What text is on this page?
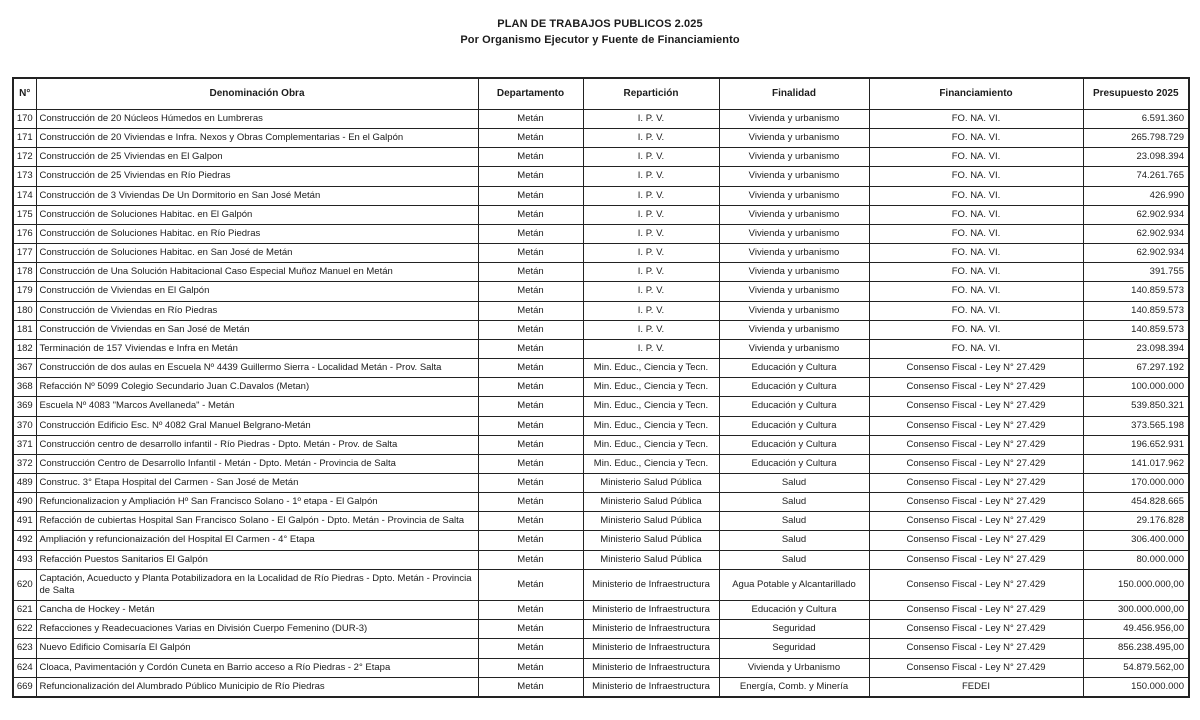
PLAN DE TRABAJOS PUBLICOS 2.025
Por Organismo Ejecutor y Fuente de Financiamiento
N°	Denominación Obra	Departamento	Repartición	Finalidad	Financiamiento	Presupuesto 2025
170	Construcción de 20 Núcleos Húmedos en Lumbreras	Metán	I. P. V.	Vivienda y urbanismo	FO. NA. VI.	6.591.360
171	Construcción de 20 Viviendas e Infra. Nexos y Obras Complementarias - En el Galpón	Metán	I. P. V.	Vivienda y urbanismo	FO. NA. VI.	265.798.729
172	Construcción de 25 Viviendas en El Galpon	Metán	I. P. V.	Vivienda y urbanismo	FO. NA. VI.	23.098.394
173	Construcción de 25 Viviendas en Río Piedras	Metán	I. P. V.	Vivienda y urbanismo	FO. NA. VI.	74.261.765
174	Construcción de 3 Viviendas De Un Dormitorio en San José Metán	Metán	I. P. V.	Vivienda y urbanismo	FO. NA. VI.	426.990
175	Construcción de Soluciones Habitac. en El Galpón	Metán	I. P. V.	Vivienda y urbanismo	FO. NA. VI.	62.902.934
176	Construcción de Soluciones Habitac. en Río Piedras	Metán	I. P. V.	Vivienda y urbanismo	FO. NA. VI.	62.902.934
177	Construcción de Soluciones Habitac. en San José de Metán	Metán	I. P. V.	Vivienda y urbanismo	FO. NA. VI.	62.902.934
178	Construcción de Una Solución Habitacional Caso Especial Muñoz Manuel en Metán	Metán	I. P. V.	Vivienda y urbanismo	FO. NA. VI.	391.755
179	Construcción de Viviendas en El Galpón	Metán	I. P. V.	Vivienda y urbanismo	FO. NA. VI.	140.859.573
180	Construcción de Viviendas en Río Piedras	Metán	I. P. V.	Vivienda y urbanismo	FO. NA. VI.	140.859.573
181	Construcción de Viviendas en San José de Metán	Metán	I. P. V.	Vivienda y urbanismo	FO. NA. VI.	140.859.573
182	Terminación de 157 Viviendas e Infra en Metán	Metán	I. P. V.	Vivienda y urbanismo	FO. NA. VI.	23.098.394
367	Construcción de dos aulas en Escuela Nº 4439 Guillermo Sierra - Localidad Metán - Prov. Salta	Metán	Min. Educ., Ciencia y Tecn.	Educación y Cultura	Consenso Fiscal - Ley N° 27.429	67.297.192
368	Refacción Nº 5099 Colegio Secundario Juan C.Davalos (Metan)	Metán	Min. Educ., Ciencia y Tecn.	Educación y Cultura	Consenso Fiscal - Ley N° 27.429	100.000.000
369	Escuela Nº 4083 "Marcos Avellaneda" - Metán	Metán	Min. Educ., Ciencia y Tecn.	Educación y Cultura	Consenso Fiscal - Ley N° 27.429	539.850.321
370	Construcción Edificio Esc. Nº 4082 Gral Manuel Belgrano-Metán	Metán	Min. Educ., Ciencia y Tecn.	Educación y Cultura	Consenso Fiscal - Ley N° 27.429	373.565.198
371	Construcción centro de desarrollo infantil - Río Piedras - Dpto. Metán - Prov. de Salta	Metán	Min. Educ., Ciencia y Tecn.	Educación y Cultura	Consenso Fiscal - Ley N° 27.429	196.652.931
372	Construcción Centro de Desarrollo Infantil - Metán - Dpto. Metán - Provincia de Salta	Metán	Min. Educ., Ciencia y Tecn.	Educación y Cultura	Consenso Fiscal - Ley N° 27.429	141.017.962
489	Construc. 3° Etapa Hospital del Carmen - San José de Metán	Metán	Ministerio Salud Pública	Salud	Consenso Fiscal - Ley N° 27.429	170.000.000
490	Refuncionalizacion y Ampliación Hº San Francisco Solano - 1º etapa - El Galpón	Metán	Ministerio Salud Pública	Salud	Consenso Fiscal - Ley N° 27.429	454.828.665
491	Refacción de cubiertas Hospital San Francisco Solano - El Galpón - Dpto. Metán - Provincia de Salta	Metán	Ministerio Salud Pública	Salud	Consenso Fiscal - Ley N° 27.429	29.176.828
492	Ampliación y refuncionaización del Hospital El Carmen - 4° Etapa	Metán	Ministerio Salud Pública	Salud	Consenso Fiscal - Ley N° 27.429	306.400.000
493	Refacción Puestos Sanitarios El Galpón	Metán	Ministerio Salud Pública	Salud	Consenso Fiscal - Ley N° 27.429	80.000.000
620	Captación, Acueducto y Planta Potabilizadora en la Localidad de Río Piedras - Dpto. Metán - Provincia de Salta	Metán	Ministerio de Infraestructura	Agua Potable y Alcantarillado	Consenso Fiscal - Ley N° 27.429	150.000.000,00
621	Cancha de Hockey - Metán	Metán	Ministerio de Infraestructura	Educación y Cultura	Consenso Fiscal - Ley N° 27.429	300.000.000,00
622	Refacciones y Readecuaciones Varias en División Cuerpo Femenino (DUR-3)	Metán	Ministerio de Infraestructura	Seguridad	Consenso Fiscal - Ley N° 27.429	49.456.956,00
623	Nuevo Edificio Comisaría El Galpón	Metán	Ministerio de Infraestructura	Seguridad	Consenso Fiscal - Ley N° 27.429	856.238.495,00
624	Cloaca, Pavimentación y Cordón Cuneta en Barrio acceso a Río Piedras - 2° Etapa	Metán	Ministerio de Infraestructura	Vivienda y Urbanismo	Consenso Fiscal - Ley N° 27.429	54.879.562,00
669	Refuncionalización del Alumbrado Público Municipio de Río Piedras	Metán	Ministerio de Infraestructura	Energía, Comb. y Minería	FEDEI	150.000.000
